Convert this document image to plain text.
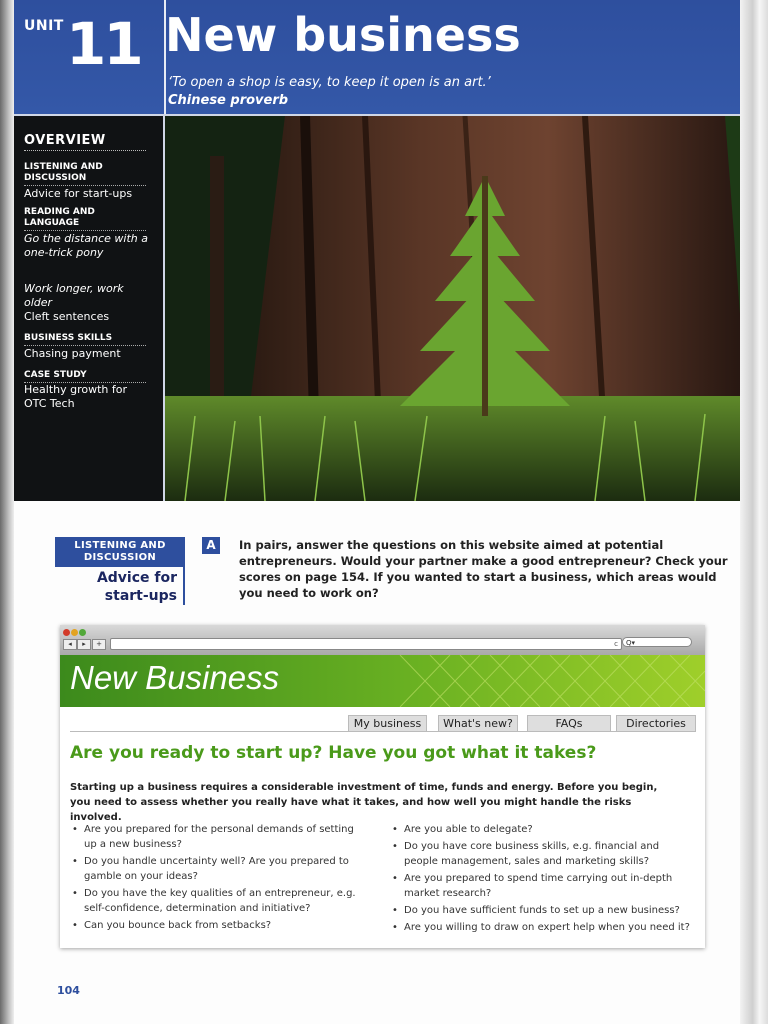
UNIT 11 New business
‘To open a shop is easy, to keep it open is an art.’
Chinese proverb
OVERVIEW
LISTENING AND DISCUSSION
Advice for start-ups
READING AND LANGUAGE
Go the distance with a one-trick pony
Work longer, work older
Cleft sentences
BUSINESS SKILLS
Chasing payment
CASE STUDY
Healthy growth for OTC Tech
LISTENING AND DISCUSSION
Advice for start-ups
A	In pairs, answer the questions on this website aimed at potential entrepreneurs. Would your partner make a good entrepreneur? Check your scores on page 154. If you wanted to start a business, which areas would you need to work on?
◂	▸	+	c	Q▾
New Business
My business	What's new?	FAQs	Directories
Are you ready to start up? Have you got what it takes?
Starting up a business requires a considerable investment of time, funds and energy. Before you begin, you need to assess whether you really have what it takes, and how well you might handle the risks involved.
• Are you prepared for the personal demands of setting up a new business?
• Do you handle uncertainty well? Are you prepared to gamble on your ideas?
• Do you have the key qualities of an entrepreneur, e.g. self-confidence, determination and initiative?
• Can you bounce back from setbacks?
• Are you able to delegate?
• Do you have core business skills, e.g. financial and people management, sales and marketing skills?
• Are you prepared to spend time carrying out in-depth market research?
• Do you have sufficient funds to set up a new business?
• Are you willing to draw on expert help when you need it?
104
